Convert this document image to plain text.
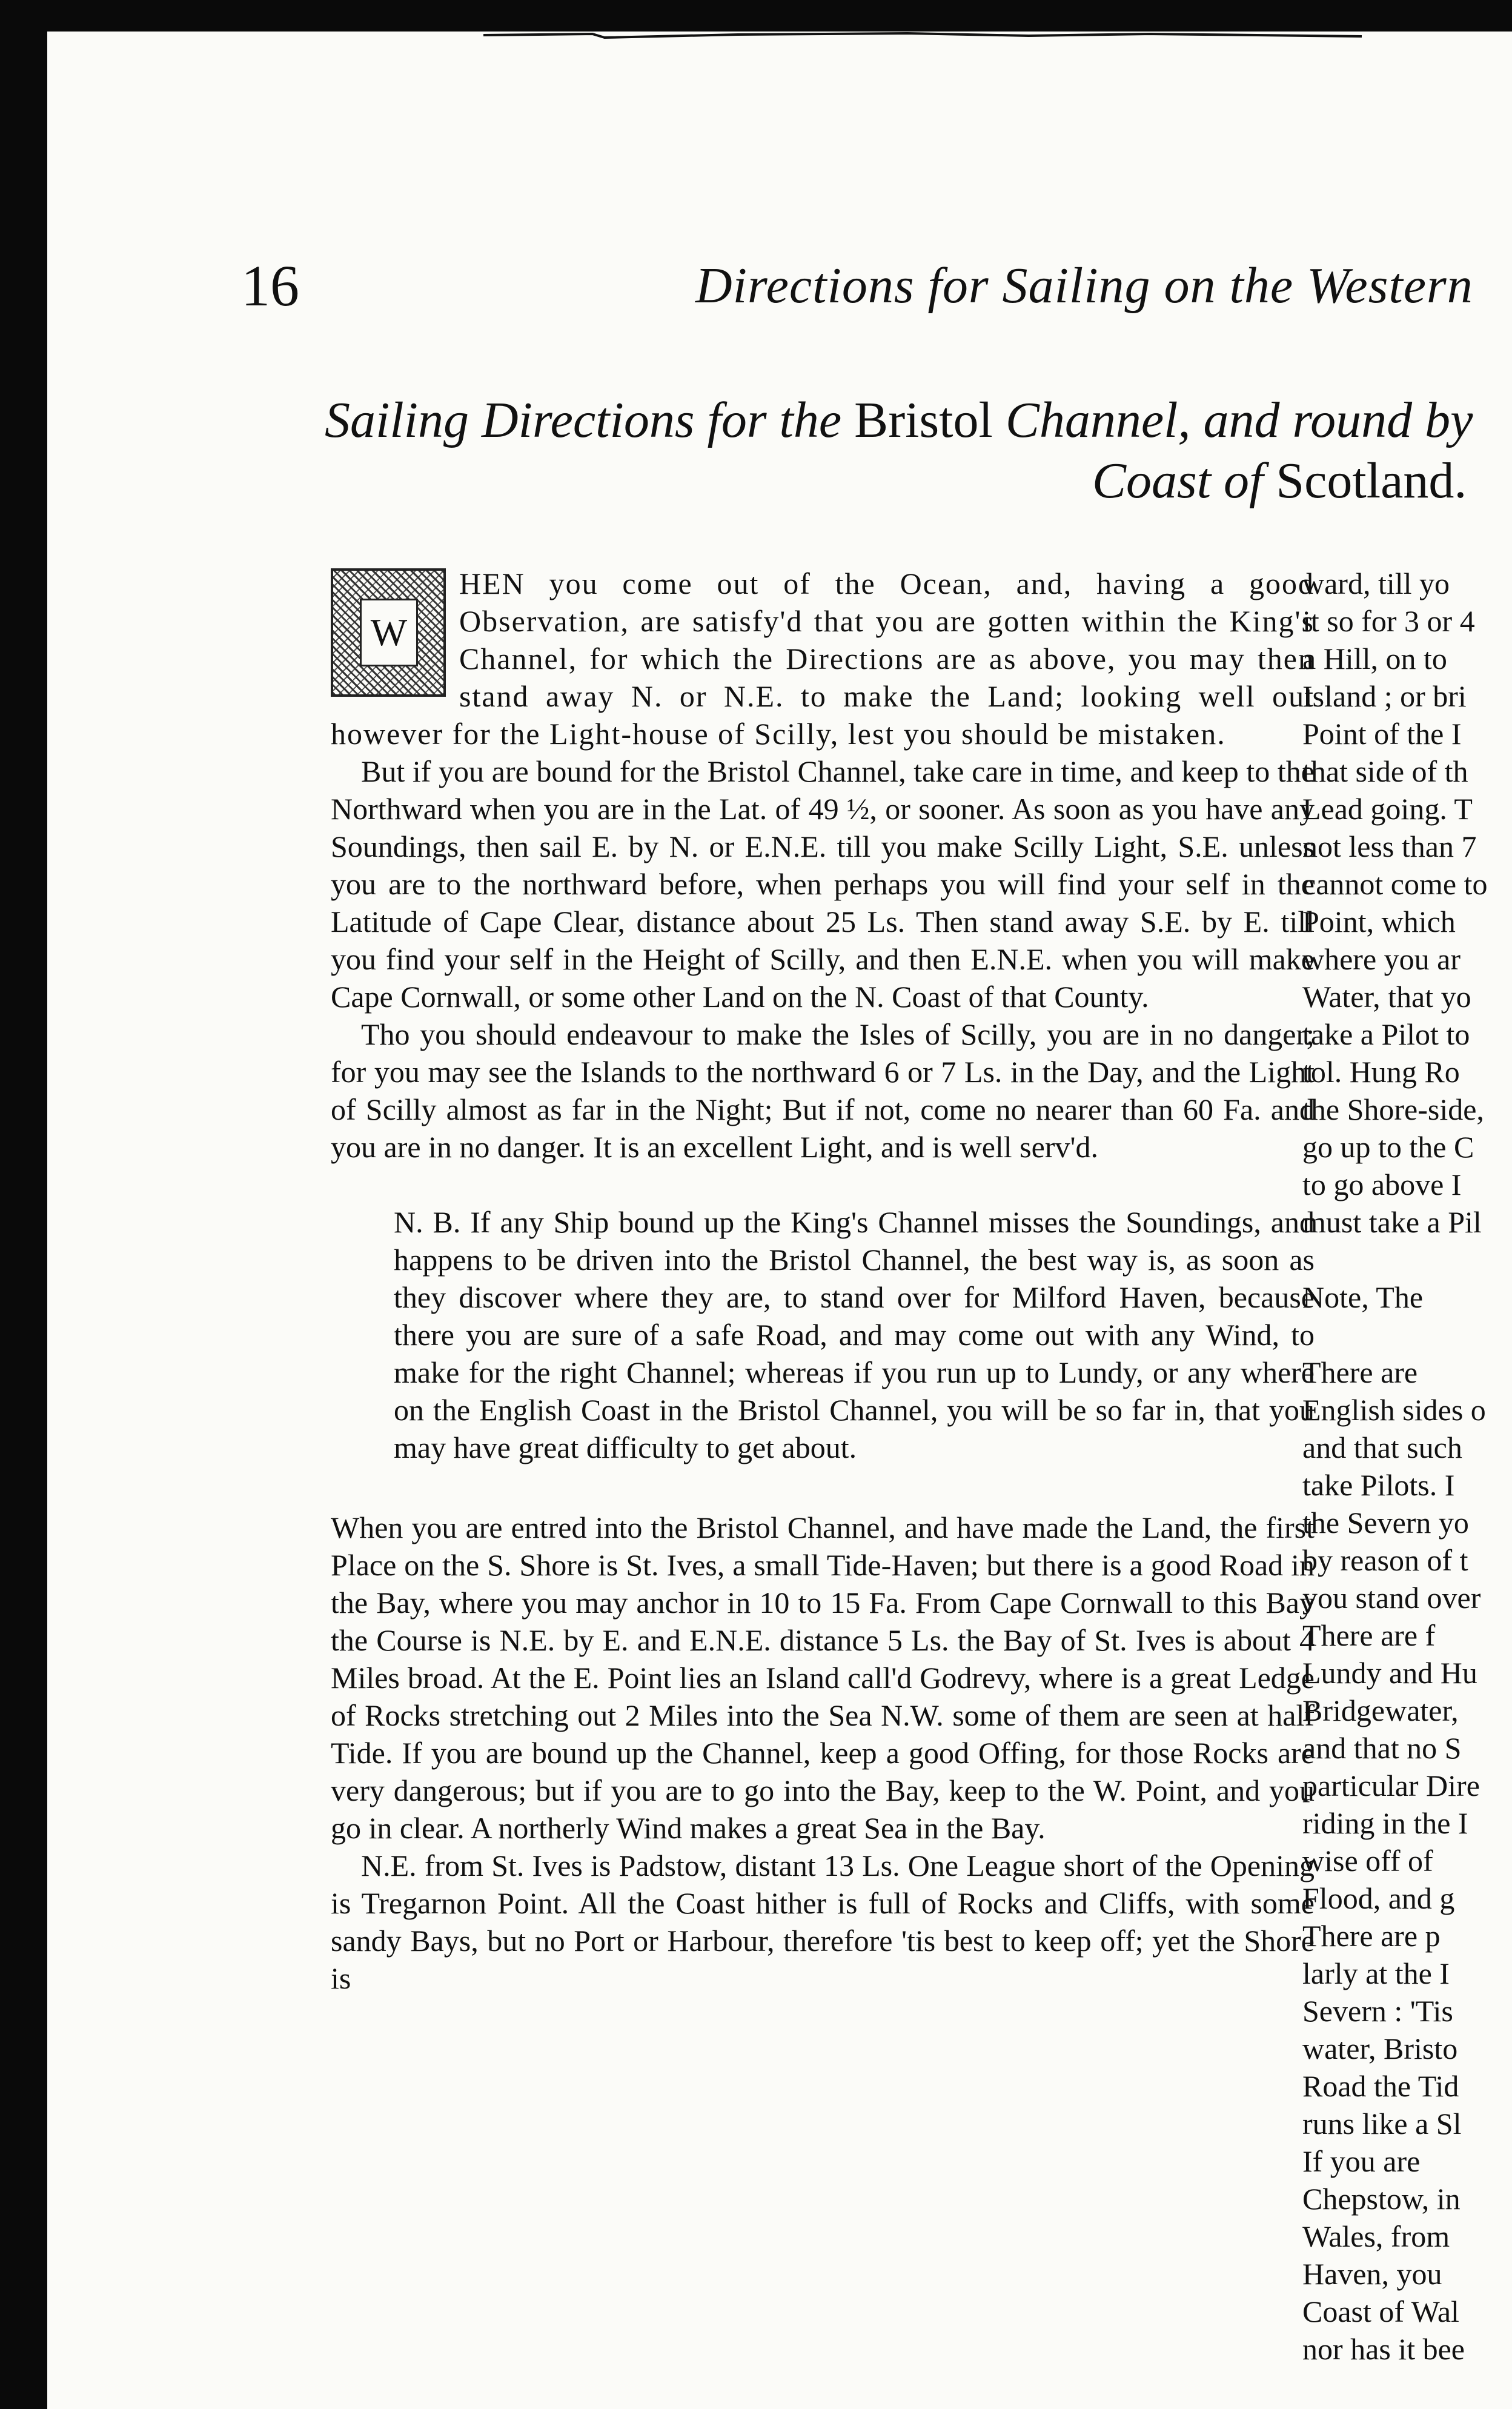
16	Directions for Sailing on the Western
Sailing Directions for the Bristol Channel, and round by
Coast of Scotland.
W

HEN you come out of the Ocean, and, having a good Observation, are satisfy'd that you are gotten within the King's Channel, for which the Directions are as above, you may then stand away N. or N.E. to make the Land; looking well out however for the Light-house of Scilly, lest you should be mistaken.

But if you are bound for the Bristol Channel, take care in time, and keep to the Northward when you are in the Lat. of 49 ½, or sooner. As soon as you have any Soundings, then sail E. by N. or E.N.E. till you make Scilly Light, S.E. unless you are to the northward before, when perhaps you will find your self in the Latitude of Cape Clear, distance about 25 Ls. Then stand away S.E. by E. till you find your self in the Height of Scilly, and then E.N.E. when you will make Cape Cornwall, or some other Land on the N. Coast of that County.

Tho you should endeavour to make the Isles of Scilly, you are in no danger; for you may see the Islands to the northward 6 or 7 Ls. in the Day, and the Light of Scilly almost as far in the Night; But if not, come no nearer than 60 Fa. and you are in no danger. It is an excellent Light, and is well serv'd.

N. B. If any Ship bound up the King's Channel misses the Soundings, and happens to be driven into the Bristol Channel, the best way is, as soon as they discover where they are, to stand over for Milford Haven, because there you are sure of a safe Road, and may come out with any Wind, to make for the right Channel; whereas if you run up to Lundy, or any where on the English Coast in the Bristol Channel, you will be so far in, that you may have great difficulty to get about.

When you are entred into the Bristol Channel, and have made the Land, the first Place on the S. Shore is St. Ives, a small Tide-Haven; but there is a good Road in the Bay, where you may anchor in 10 to 15 Fa. From Cape Cornwall to this Bay the Course is N.E. by E. and E.N.E. distance 5 Ls. the Bay of St. Ives is about 4 Miles broad. At the E. Point lies an Island call'd Godrevy, where is a great Ledge of Rocks stretching out 2 Miles into the Sea N.W. some of them are seen at half Tide. If you are bound up the Channel, keep a good Offing, for those Rocks are very dangerous; but if you are to go into the Bay, keep to the W. Point, and you go in clear. A northerly Wind makes a great Sea in the Bay.

N.E. from St. Ives is Padstow, distant 13 Ls. One League short of the Opening is Tregarnon Point. All the Coast hither is full of Rocks and Cliffs, with some sandy Bays, but no Port or Harbour, therefore 'tis best to keep off; yet the Shore is

ward, till yo

it so for 3 or 4

a Hill, on to

Island ; or bri

Point of the I

that side of th

Lead going. T

not less than 7

cannot come to

Point, which

where you ar

Water, that yo

take a Pilot to

tol. Hung Ro

the Shore-side,

go up to the C

to go above I

must take a Pil

Note, The

There are

English sides o

and that such

take Pilots. I

the Severn yo

by reason of t

you stand over

There are f

Lundy and Hu

Bridgewater,

and that no S

particular Dire

riding in the I

wise off of

Flood, and g

There are p

larly at the I

Severn : 'Tis

water, Bristo

Road the Tid

runs like a Sl

If you are

Chepstow, in

Wales, from

Haven, you

Coast of Wal

nor has it bee
